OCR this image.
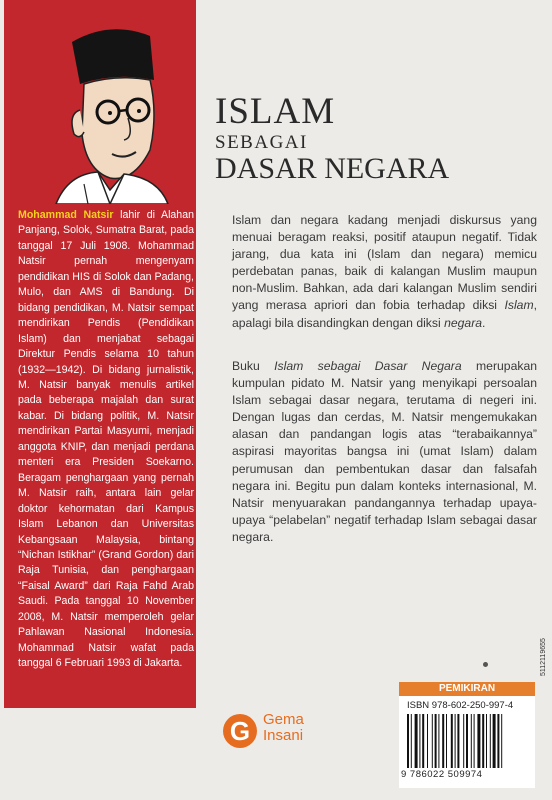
Mohammad Natsir lahir di Alahan Panjang, Solok, Sumatra Barat, pada tanggal 17 Juli 1908. Mohammad Natsir pernah mengenyam pendidikan HIS di Solok dan Padang, Mulo, dan AMS di Bandung. Di bidang pendidikan, M. Natsir sempat mendirikan Pendis (Pendidikan Islam) dan menjabat sebagai Direktur Pendis selama 10 tahun (1932—1942). Di bidang jurnalistik, M. Natsir banyak menulis artikel pada beberapa majalah dan surat kabar. Di bidang politik, M. Natsir mendirikan Partai Masyumi, menjadi anggota KNIP, dan menjadi perdana menteri era Presiden Soekarno. Beragam penghargaan yang pernah M. Natsir raih, antara lain gelar doktor kehormatan dari Kampus Islam Lebanon dan Universitas Kebangsaan Malaysia, bintang “Nichan Istikhar” (Grand Gordon) dari Raja Tunisia, dan penghargaan “Faisal Award” dari Raja Fahd Arab Saudi. Pada tanggal 10 November 2008, M. Natsir memperoleh gelar Pahlawan Nasional Indonesia. Mohammad Natsir wafat pada tanggal 6 Februari 1993 di Jakarta.

ISLAM
SEBAGAI
DASAR NEGARA

Islam dan negara kadang menjadi diskursus yang menuai beragam reaksi, positif ataupun negatif. Tidak jarang, dua kata ini (Islam dan negara) memicu perdebatan panas, baik di kalangan Muslim maupun non-Muslim. Bahkan, ada dari kalangan Muslim sendiri yang merasa apriori dan fobia terhadap diksi Islam, apalagi bila disandingkan dengan diksi negara.

Buku Islam sebagai Dasar Negara merupakan kumpulan pidato M. Natsir yang menyikapi persoalan Islam sebagai dasar negara, terutama di negeri ini. Dengan lugas dan cerdas, M. Natsir mengemukakan alasan dan pandangan logis atas “terabaikannya” aspirasi mayoritas bangsa ini (umat Islam) dalam perumusan dan pembentukan dasar dan falsafah negara ini. Begitu pun dalam konteks internasional, M. Natsir menyuarakan pandangannya terhadap upaya-upaya “pelabelan” negatif terhadap Islam sebagai dasar negara.

G Gema
Insani
PEMIKIRAN
ISBN 978-602-250-997-4
9 786022 509974
5112119655
